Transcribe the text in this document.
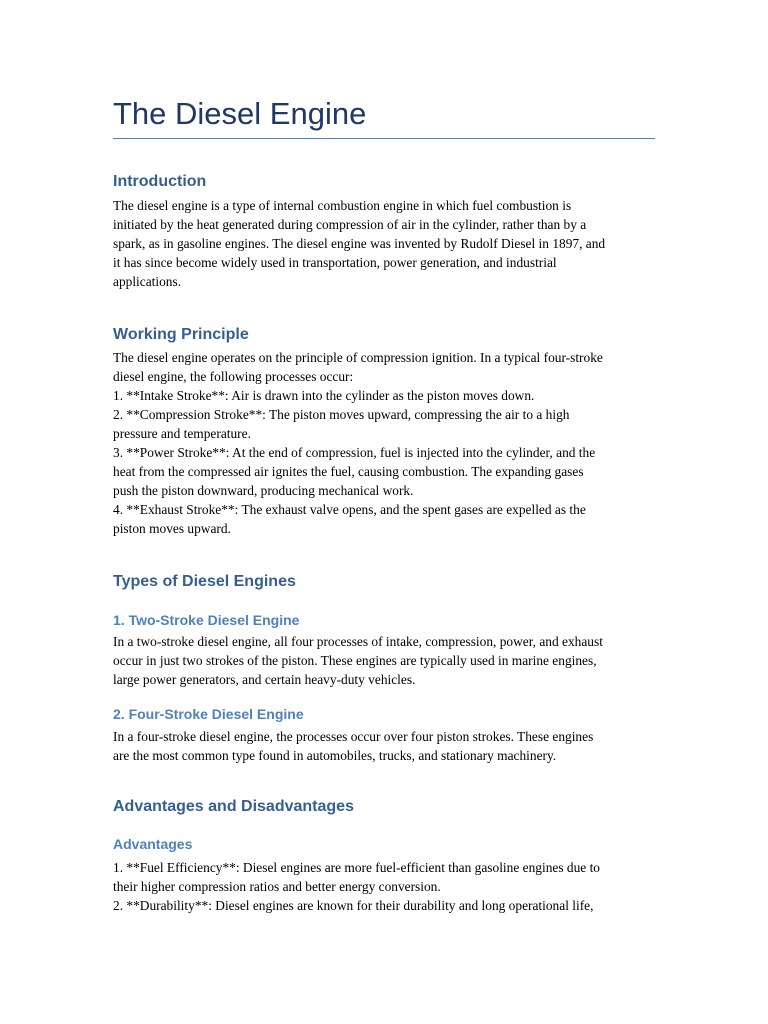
The Diesel Engine
Introduction
The diesel engine is a type of internal combustion engine in which fuel combustion is
initiated by the heat generated during compression of air in the cylinder, rather than by a
spark, as in gasoline engines. The diesel engine was invented by Rudolf Diesel in 1897, and
it has since become widely used in transportation, power generation, and industrial
applications.
Working Principle
The diesel engine operates on the principle of compression ignition. In a typical four-stroke
diesel engine, the following processes occur:
1. **Intake Stroke**: Air is drawn into the cylinder as the piston moves down.
2. **Compression Stroke**: The piston moves upward, compressing the air to a high
pressure and temperature.
3. **Power Stroke**: At the end of compression, fuel is injected into the cylinder, and the
heat from the compressed air ignites the fuel, causing combustion. The expanding gases
push the piston downward, producing mechanical work.
4. **Exhaust Stroke**: The exhaust valve opens, and the spent gases are expelled as the
piston moves upward.
Types of Diesel Engines
1. Two-Stroke Diesel Engine
In a two-stroke diesel engine, all four processes of intake, compression, power, and exhaust
occur in just two strokes of the piston. These engines are typically used in marine engines,
large power generators, and certain heavy-duty vehicles.
2. Four-Stroke Diesel Engine
In a four-stroke diesel engine, the processes occur over four piston strokes. These engines
are the most common type found in automobiles, trucks, and stationary machinery.
Advantages and Disadvantages
Advantages
1. **Fuel Efficiency**: Diesel engines are more fuel-efficient than gasoline engines due to
their higher compression ratios and better energy conversion.
2. **Durability**: Diesel engines are known for their durability and long operational life,
